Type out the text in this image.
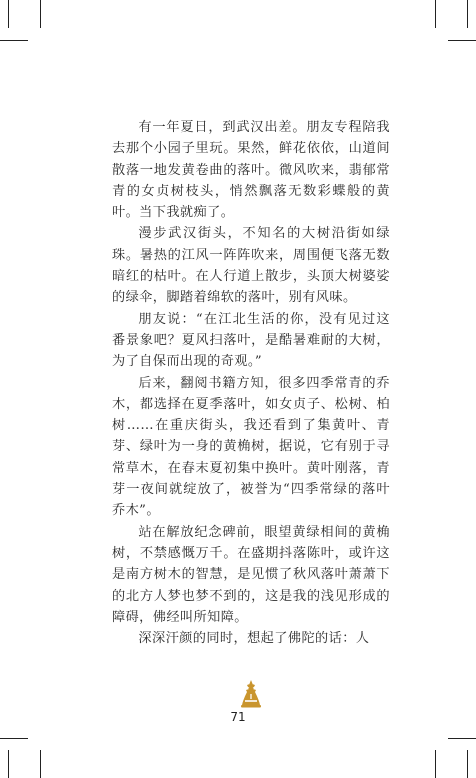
有一年夏日，到武汉出差。朋友专程陪我去那个小园子里玩。果然，鲜花依依，山道间散落一地发黄卷曲的落叶。微风吹来，翡郁常青的女贞树枝头，悄然飘落无数彩蝶般的黄叶。当下我就痴了。

漫步武汉街头，不知名的大树沿街如绿珠。暑热的江风一阵阵吹来，周围便飞落无数暗红的枯叶。在人行道上散步，头顶大树婆娑的绿伞，脚踏着绵软的落叶，别有风味。

朋友说：“在江北生活的你，没有见过这番景象吧？夏风扫落叶，是酷暑难耐的大树，为了自保而出现的奇观。”

后来，翻阅书籍方知，很多四季常青的乔木，都选择在夏季落叶，如女贞子、松树、柏树……在重庆街头，我还看到了集黄叶、青芽、绿叶为一身的黄桷树，据说，它有别于寻常草木，在春末夏初集中换叶。黄叶刚落，青芽一夜间就绽放了，被誉为“四季常绿的落叶乔木”。

站在解放纪念碑前，眼望黄绿相间的黄桷树，不禁感慨万千。在盛期抖落陈叶，或许这是南方树木的智慧，是见惯了秋风落叶萧萧下的北方人梦也梦不到的，这是我的浅见形成的障碍，佛经叫所知障。

深深汗颜的同时，想起了佛陀的话：人

71
